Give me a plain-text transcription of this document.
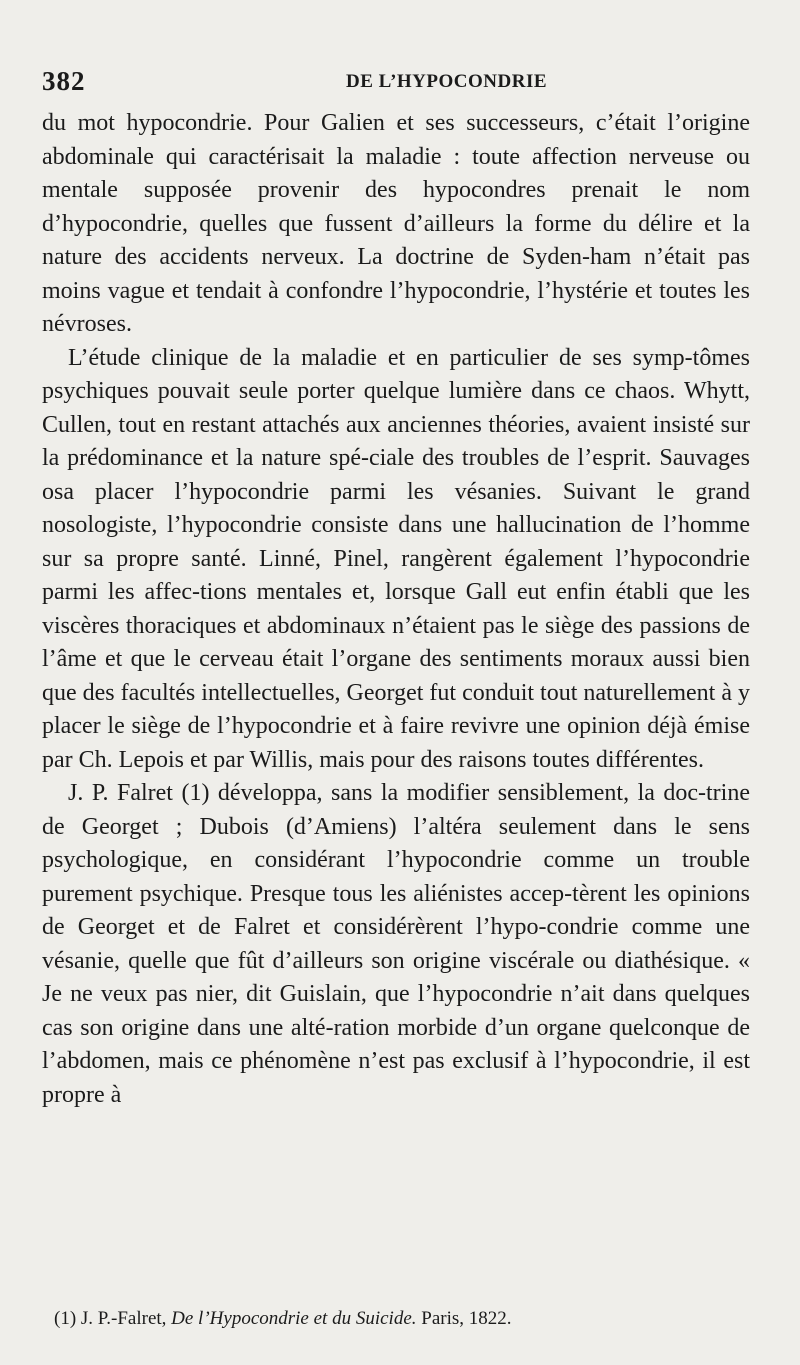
382	DE L’HYPOCONDRIE

du mot hypocondrie. Pour Galien et ses successeurs, c’était l’origine abdominale qui caractérisait la maladie : toute affection nerveuse ou mentale supposée provenir des hypocondres prenait le nom d’hypocondrie, quelles que fussent d’ailleurs la forme du délire et la nature des accidents nerveux. La doctrine de Syden-ham n’était pas moins vague et tendait à confondre l’hypocondrie, l’hystérie et toutes les névroses.

L’étude clinique de la maladie et en particulier de ses symp-tômes psychiques pouvait seule porter quelque lumière dans ce chaos. Whytt, Cullen, tout en restant attachés aux anciennes théories, avaient insisté sur la prédominance et la nature spé-ciale des troubles de l’esprit. Sauvages osa placer l’hypocondrie parmi les vésanies. Suivant le grand nosologiste, l’hypocondrie consiste dans une hallucination de l’homme sur sa propre santé. Linné, Pinel, rangèrent également l’hypocondrie parmi les affec-tions mentales et, lorsque Gall eut enfin établi que les viscères thoraciques et abdominaux n’étaient pas le siège des passions de l’âme et que le cerveau était l’organe des sentiments moraux aussi bien que des facultés intellectuelles, Georget fut conduit tout naturellement à y placer le siège de l’hypocondrie et à faire revivre une opinion déjà émise par Ch. Lepois et par Willis, mais pour des raisons toutes différentes.

J. P. Falret (1) développa, sans la modifier sensiblement, la doc-trine de Georget ; Dubois (d’Amiens) l’altéra seulement dans le sens psychologique, en considérant l’hypocondrie comme un trouble purement psychique. Presque tous les aliénistes accep-tèrent les opinions de Georget et de Falret et considérèrent l’hypo-condrie comme une vésanie, quelle que fût d’ailleurs son origine viscérale ou diathésique. « Je ne veux pas nier, dit Guislain, que l’hypocondrie n’ait dans quelques cas son origine dans une alté-ration morbide d’un organe quelconque de l’abdomen, mais ce phénomène n’est pas exclusif à l’hypocondrie, il est propre à

(1) J. P.-Falret, De l’Hypocondrie et du Suicide. Paris, 1822.
